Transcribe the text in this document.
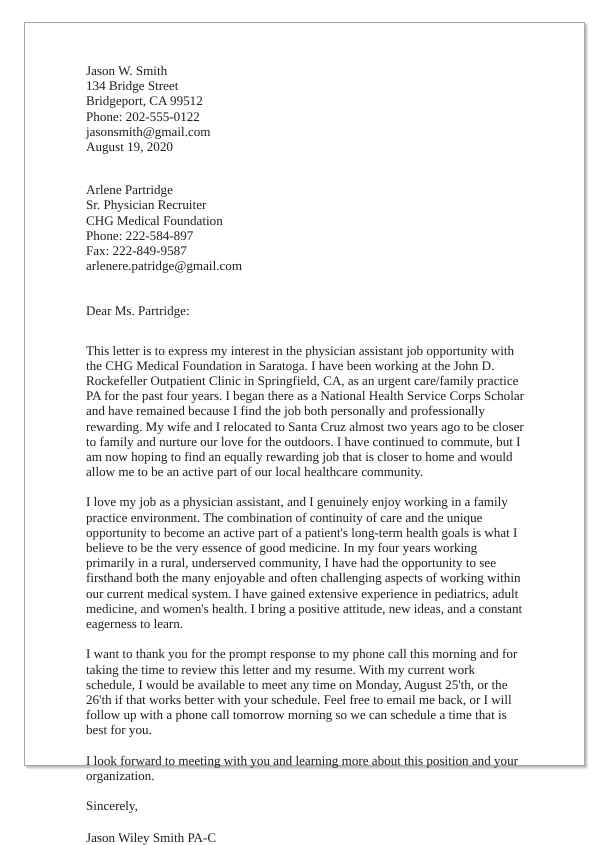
Jason W. Smith
134 Bridge Street
Bridgeport, CA 99512
Phone: 202-555-0122
jasonsmith@gmail.com
August 19, 2020
Arlene Partridge
Sr. Physician Recruiter
CHG Medical Foundation
Phone: 222-584-897
Fax: 222-849-9587
arlenere.patridge@gmail.com

Dear Ms. Partridge:

This letter is to express my interest in the physician assistant job opportunity with the CHG Medical Foundation in Saratoga. I have been working at the John D. Rockefeller Outpatient Clinic in Springfield, CA, as an urgent care/family practice PA for the past four years. I began there as a National Health Service Corps Scholar and have remained because I find the job both personally and professionally rewarding. My wife and I relocated to Santa Cruz almost two years ago to be closer to family and nurture our love for the outdoors. I have continued to commute, but I am now hoping to find an equally rewarding job that is closer to home and would allow me to be an active part of our local healthcare community.

I love my job as a physician assistant, and I genuinely enjoy working in a family practice environment. The combination of continuity of care and the unique opportunity to become an active part of a patient's long-term health goals is what I believe to be the very essence of good medicine. In my four years working primarily in a rural, underserved community, I have had the opportunity to see firsthand both the many enjoyable and often challenging aspects of working within our current medical system. I have gained extensive experience in pediatrics, adult medicine, and women's health. I bring a positive attitude, new ideas, and a constant eagerness to learn.

I want to thank you for the prompt response to my phone call this morning and for taking the time to review this letter and my resume. With my current work schedule, I would be available to meet any time on Monday, August 25'th, or the 26'th if that works better with your schedule. Feel free to email me back, or I will follow up with a phone call tomorrow morning so we can schedule a time that is best for you.

I look forward to meeting with you and learning more about this position and your organization.

Sincerely,

Jason Wiley Smith PA-C
